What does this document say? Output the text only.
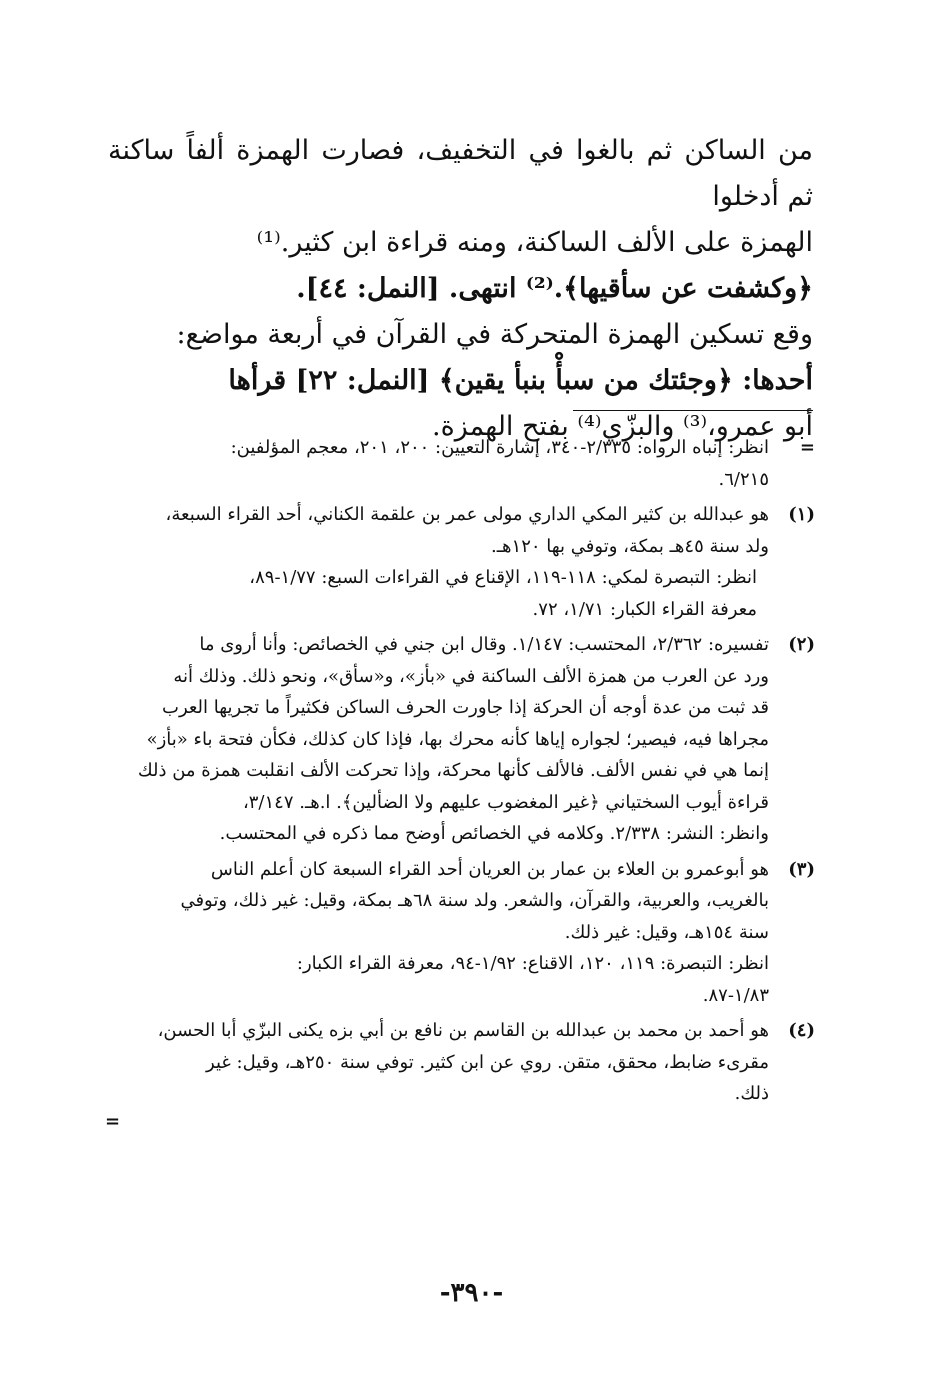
من الساكن ثم بالغوا في التخفيف، فصارت الهمزة ألفاً ساكنة ثم أدخلوا

الهمزة على الألف الساكنة، ومنه قراءة ابن كثير.⁽¹⁾

﴿وكشفت عن سأقيها﴾.⁽²⁾ انتهى. [النمل: ٤٤].

وقع تسكين الهمزة المتحركة في القرآن في أربعة مواضع:

أحدها: ﴿وجئتك من سبأْ بنبأ يقين﴾ [النمل: ٢٢] قرأها

أبو عمرو،⁽³⁾ والبزّي⁽⁴⁾ بفتح الهمزة.

=
انظر: إنباه الرواه: ٢/٣٣٥-٣٤٠، إشارة التعيين: ٢٠٠، ٢٠١، معجم المؤلفين:
٦/٢١٥.
(١)
هو عبدالله بن كثير المكي الداري مولى عمر بن علقمة الكناني، أحد القراء السبعة،
ولد سنة ٤٥هـ بمكة، وتوفي بها ١٢٠هـ.
انظر: التبصرة لمكي: ١١٨-١١٩، الإقناع في القراءات السبع: ١/٧٧-٨٩،
معرفة القراء الكبار: ١/٧١، ٧٢.
(٢)
تفسيره: ٢/٣٦٢، المحتسب: ١/١٤٧. وقال ابن جني في الخصائص: وأنا أروى ما
ورد عن العرب من همزة الألف الساكنة في «بأز»، و«سأق»، ونحو ذلك. وذلك أنه
قد ثبت من عدة أوجه أن الحركة إذا جاورت الحرف الساكن فكثيراً ما تجريها العرب
مجراها فيه، فيصير؛ لجواره إياها كأنه محرك بها، فإذا كان كذلك، فكأن فتحة باء «بأز»
إنما هي في نفس الألف. فالألف كأنها محركة، وإذا تحركت الألف انقلبت همزة من ذلك
قراءة أيوب السختياني ﴿غير المغضوب عليهم ولا الضألين﴾. ا.هـ. ٣/١٤٧،
وانظر: النشر: ٢/٣٣٨. وكلامه في الخصائص أوضح مما ذكره في المحتسب.
(٣)
هو أبوعمرو بن العلاء بن عمار بن العريان أحد القراء السبعة كان أعلم الناس
بالغريب، والعربية، والقرآن، والشعر. ولد سنة ٦٨هـ بمكة، وقيل: غير ذلك، وتوفي
سنة ١٥٤هـ، وقيل: غير ذلك.
انظر: التبصرة: ١١٩، ١٢٠، الاقناع: ١/٩٢-٩٤، معرفة القراء الكبار:
١/٨٣-٨٧.
(٤)
هو أحمد بن محمد بن عبدالله بن القاسم بن نافع بن أبي بزه يكنى البزّي أبا الحسن،
مقرىء ضابط، محقق، متقن. روي عن ابن كثير. توفي سنة ٢٥٠هـ، وقيل: غير
ذلك.
=
-٣٩٠-
